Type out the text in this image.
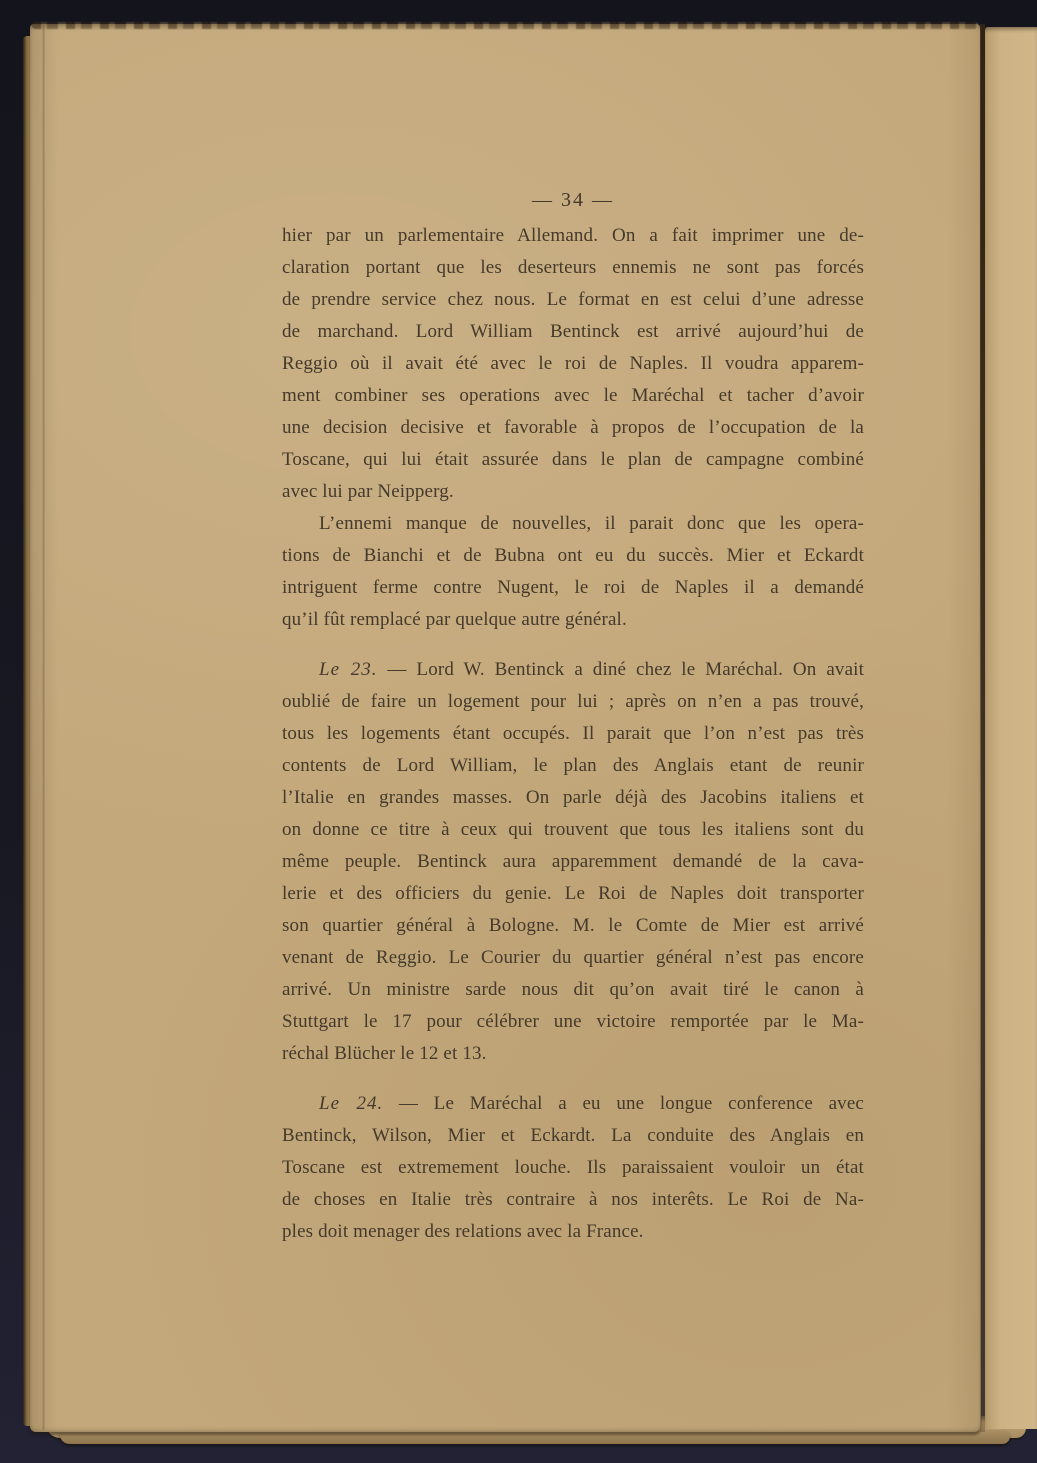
— 34 —
hier par un parlementaire Allemand. On a fait imprimer une de-
claration portant que les deserteurs ennemis ne sont pas forcés
de prendre service chez nous. Le format en est celui d’une adresse
de marchand. Lord William Bentinck est arrivé aujourd’hui de
Reggio où il avait été avec le roi de Naples. Il voudra apparem-
ment combiner ses operations avec le Maréchal et tacher d’avoir
une decision decisive et favorable à propos de l’occupation de la
Toscane, qui lui était assurée dans le plan de campagne combiné
avec lui par Neipperg.
L’ennemi manque de nouvelles, il parait donc que les opera-
tions de Bianchi et de Bubna ont eu du succès. Mier et Eckardt
intriguent ferme contre Nugent, le roi de Naples il a demandé
qu’il fût remplacé par quelque autre général.
Le 23. — Lord W. Bentinck a diné chez le Maréchal. On avait
oublié de faire un logement pour lui ; après on n’en a pas trouvé,
tous les logements étant occupés. Il parait que l’on n’est pas très
contents de Lord William, le plan des Anglais etant de reunir
l’Italie en grandes masses. On parle déjà des Jacobins italiens et
on donne ce titre à ceux qui trouvent que tous les italiens sont du
même peuple. Bentinck aura apparemment demandé de la cava-
lerie et des officiers du genie. Le Roi de Naples doit transporter
son quartier général à Bologne. M. le Comte de Mier est arrivé
venant de Reggio. Le Courier du quartier général n’est pas encore
arrivé. Un ministre sarde nous dit qu’on avait tiré le canon à
Stuttgart le 17 pour célébrer une victoire remportée par le Ma-
réchal Blücher le 12 et 13.
Le 24. — Le Maréchal a eu une longue conference avec
Bentinck, Wilson, Mier et Eckardt. La conduite des Anglais en
Toscane est extremement louche. Ils paraissaient vouloir un état
de choses en Italie très contraire à nos interêts. Le Roi de Na-
ples doit menager des relations avec la France.
